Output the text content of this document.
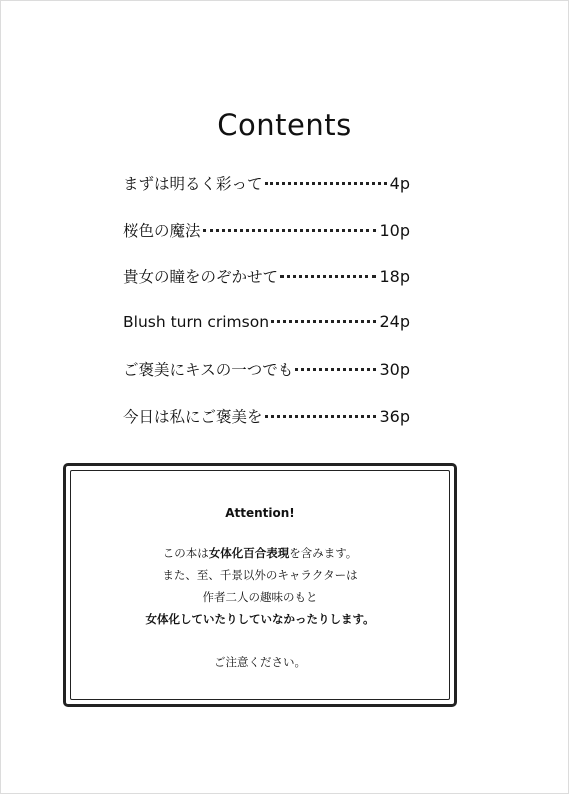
Contents
まずは明るく彩って	4p
桜色の魔法	10p
貴女の瞳をのぞかせて	18p
Blush turn crimson	24p
ご褒美にキスの一つでも	30p
今日は私にご褒美を	36p
Attention!
この本は女体化百合表現を含みます。
また、至、千景以外のキャラクターは
作者二人の趣味のもと
女体化していたりしていなかったりします。
ご注意ください。
